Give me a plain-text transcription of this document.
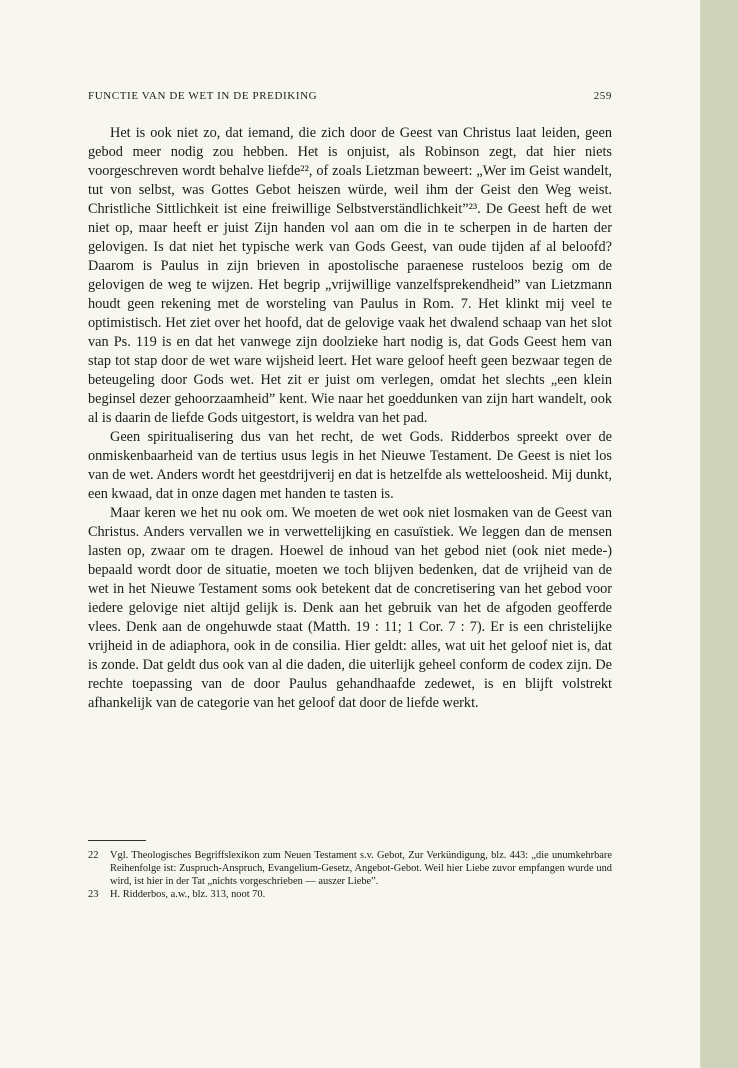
FUNCTIE VAN DE WET IN DE PREDIKING	259

Het is ook niet zo, dat iemand, die zich door de Geest van Christus laat leiden, geen gebod meer nodig zou hebben. Het is onjuist, als Robinson zegt, dat hier niets voorgeschreven wordt behalve liefde²², of zoals Lietzman beweert: „Wer im Geist wandelt, tut von selbst, was Gottes Gebot heiszen würde, weil ihm der Geist den Weg weist. Christliche Sittlichkeit ist eine freiwillige Selbstverständlichkeit”²³. De Geest heft de wet niet op, maar heeft er juist Zijn handen vol aan om die in te scherpen in de harten der gelovigen. Is dat niet het typische werk van Gods Geest, van oude tijden af al beloofd? Daarom is Paulus in zijn brieven in apostolische paraenese rusteloos bezig om de gelovigen de weg te wijzen. Het begrip „vrijwillige vanzelfsprekendheid” van Lietzmann houdt geen rekening met de worsteling van Paulus in Rom. 7. Het klinkt mij veel te optimistisch. Het ziet over het hoofd, dat de gelovige vaak het dwalend schaap van het slot van Ps. 119 is en dat het vanwege zijn doolzieke hart nodig is, dat Gods Geest hem van stap tot stap door de wet ware wijsheid leert. Het ware geloof heeft geen bezwaar tegen de beteugeling door Gods wet. Het zit er juist om verlegen, omdat het slechts „een klein beginsel dezer gehoorzaamheid” kent. Wie naar het goeddunken van zijn hart wandelt, ook al is daarin de liefde Gods uitgestort, is weldra van het pad.

Geen spiritualisering dus van het recht, de wet Gods. Ridderbos spreekt over de onmiskenbaarheid van de tertius usus legis in het Nieuwe Testament. De Geest is niet los van de wet. Anders wordt het geestdrijverij en dat is hetzelfde als wetteloosheid. Mij dunkt, een kwaad, dat in onze dagen met handen te tasten is.

Maar keren we het nu ook om. We moeten de wet ook niet losmaken van de Geest van Christus. Anders vervallen we in verwettelijking en casuïstiek. We leggen dan de mensen lasten op, zwaar om te dragen. Hoewel de inhoud van het gebod niet (ook niet mede-) bepaald wordt door de situatie, moeten we toch blijven bedenken, dat de vrijheid van de wet in het Nieuwe Testament soms ook betekent dat de concretisering van het gebod voor iedere gelovige niet altijd gelijk is. Denk aan het gebruik van het de afgoden geofferde vlees. Denk aan de ongehuwde staat (Matth. 19 : 11; 1 Cor. 7 : 7). Er is een christelijke vrijheid in de adiaphora, ook in de consilia. Hier geldt: alles, wat uit het geloof niet is, dat is zonde. Dat geldt dus ook van al die daden, die uiterlijk geheel conform de codex zijn. De rechte toepassing van de door Paulus gehandhaafde zedewet, is en blijft volstrekt afhankelijk van de categorie van het geloof dat door de liefde werkt.

22	Vgl. Theologisches Begriffslexikon zum Neuen Testament s.v. Gebot, Zur Verkündigung, blz. 443: „die unumkehrbare Reihenfolge ist: Zuspruch-Anspruch, Evangelium-Gesetz, Angebot-Gebot. Weil hier Liebe zuvor empfangen wurde und wird, ist hier in der Tat „nichts vorgeschrieben — auszer Liebe”.
23	H. Ridderbos, a.w., blz. 313, noot 70.
